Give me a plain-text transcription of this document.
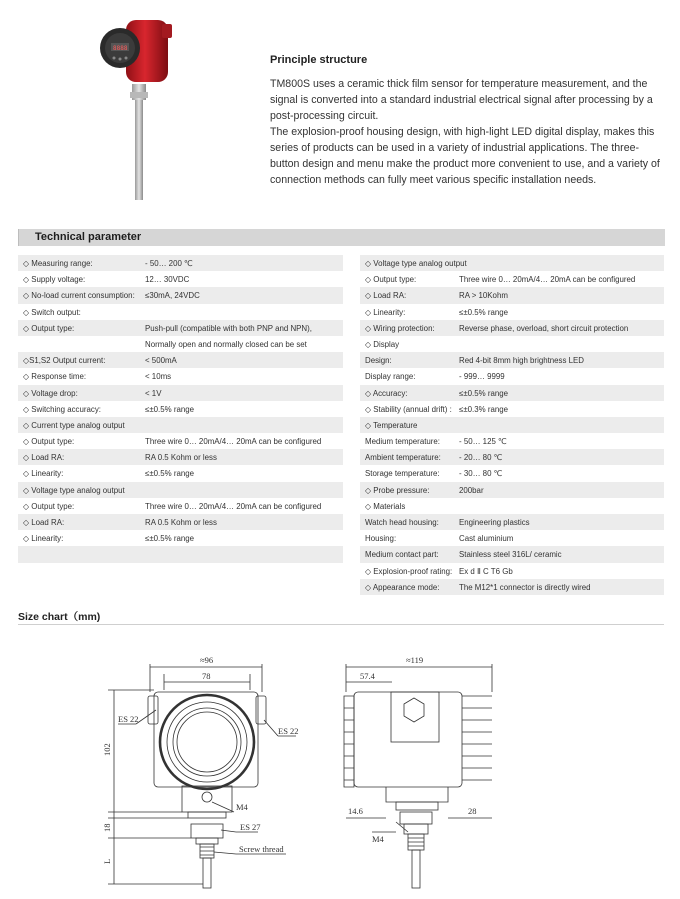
8888
Principle structure

TM800S uses a ceramic thick film sensor for temperature measurement, and the signal is converted into a standard industrial electrical signal after processing by a post-processing circuit.

The explosion-proof housing design, with high-light LED digital display, makes this series of products can be used in a variety of industrial applications. The three-button design and menu make the product more convenient to use, and a variety of connection methods can fully meet various specific installation needs.

Technical parameter
◇ Measuring range:	- 50… 200 ℃
◇ Supply voltage:	12… 30VDC
◇ No-load current consumption: ≤30mA, 24VDC
◇ Switch output:
◇ Output type:	Push-pull (compatible with both PNP and NPN),
Normally open and normally closed can be set
◇S1,S2 Output current:	< 500mA
◇ Response time:	< 10ms
◇ Voltage drop:	< 1V
◇ Switching accuracy:	≤±0.5% range
◇ Current type analog output
◇ Output type:	Three wire 0… 20mA/4… 20mA can be configured
◇ Load RA:	RA 0.5 Kohm or less
◇ Linearity:	≤±0.5% range
◇ Voltage type analog output
◇ Output type:	Three wire 0… 20mA/4… 20mA can be configured
◇ Load RA:	RA 0.5 Kohm or less
◇ Linearity:	≤±0.5% range
◇ Voltage type analog output
◇ Output type:	Three wire 0… 20mA/4… 20mA can be configured
◇ Load RA:	RA > 10Kohm
◇ Linearity:	≤±0.5% range
◇ Wiring protection:	Reverse phase, overload, short circuit protection
◇ Display
Design:	Red 4-bit 8mm high brightness LED
Display range:	- 999… 9999
◇ Accuracy:	≤±0.5% range
◇ Stability (annual drift) : ≤±0.3% range
◇ Temperature
Medium temperature: - 50… 125 ℃
Ambient temperature: - 20… 80 ℃
Storage temperature: - 30… 80 ℃
◇ Probe pressure:	200bar
◇ Materials
Watch head housing:	Engineering plastics
Housing:	Cast aluminium
Medium contact part:	Stainless steel 316L/ ceramic
◇ Explosion-proof rating: Ex d Ⅱ C T6 Gb
◇ Appearance mode: The M12*1 connector is directly wired
Size chart（mm)
≈96
78
ES 22
ES 22
102
M4
18	ES 27
L
Screw thread
≈119
57.4
14.6	28
M4
